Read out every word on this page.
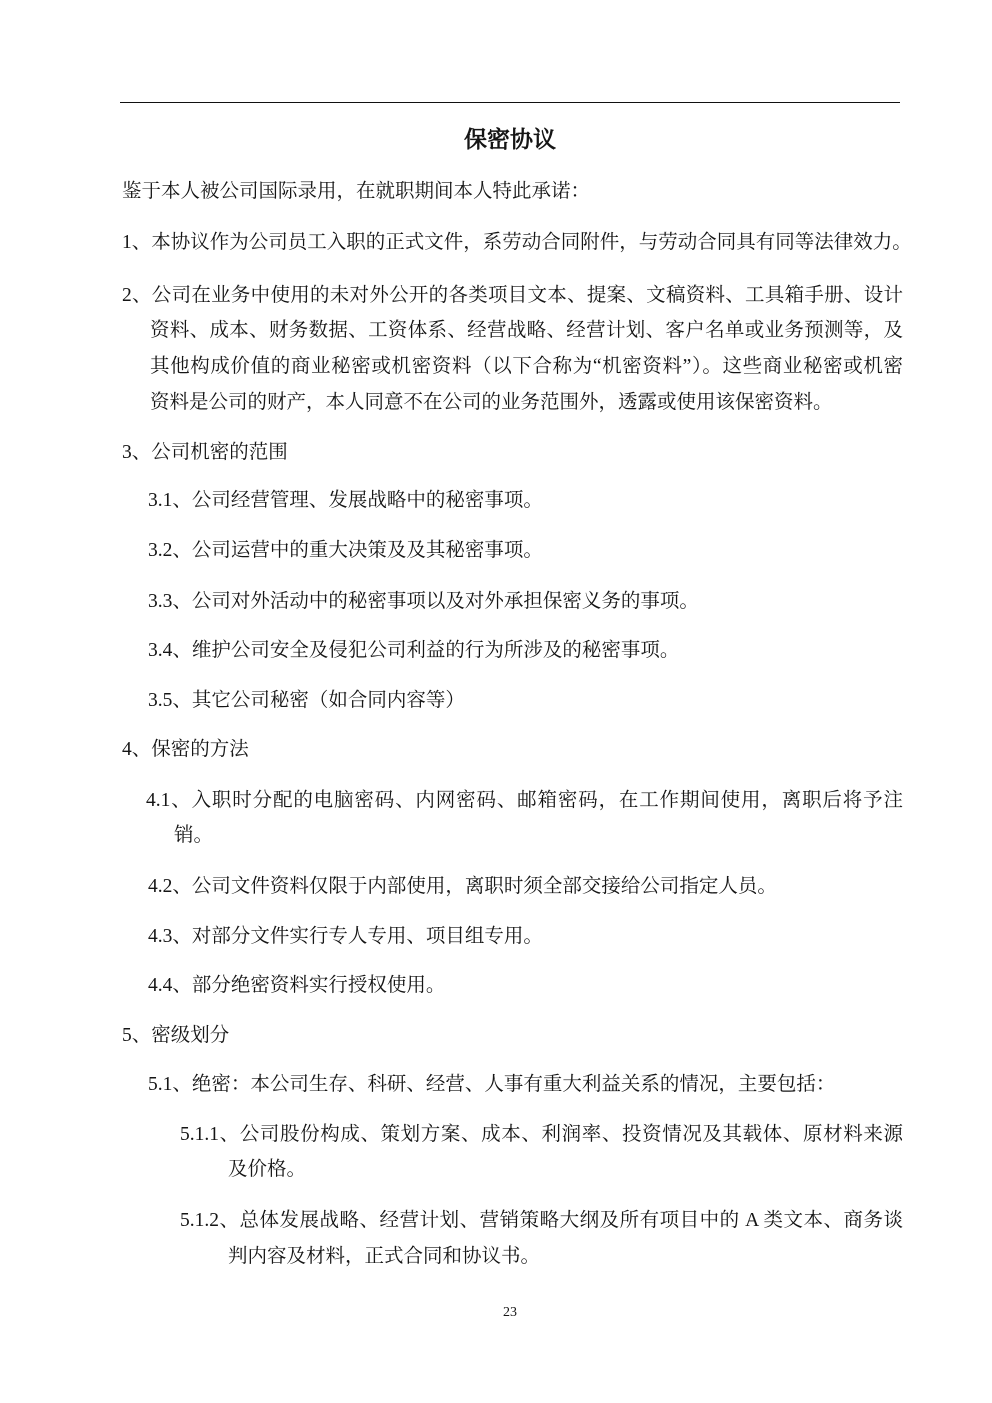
保密协议
鉴于本人被公司国际录用，在就职期间本人特此承诺：
1、本协议作为公司员工入职的正式文件，系劳动合同附件，与劳动合同具有同等法律效力。
2、公司在业务中使用的未对外公开的各类项目文本、提案、文稿资料、工具箱手册、设计
资料、成本、财务数据、工资体系、经营战略、经营计划、客户名单或业务预测等，及
其他构成价值的商业秘密或机密资料（以下合称为“机密资料”）。这些商业秘密或机密
资料是公司的财产，本人同意不在公司的业务范围外，透露或使用该保密资料。
3、公司机密的范围
3.1、公司经营管理、发展战略中的秘密事项。
3.2、公司运营中的重大决策及及其秘密事项。
3.3、公司对外活动中的秘密事项以及对外承担保密义务的事项。
3.4、维护公司安全及侵犯公司利益的行为所涉及的秘密事项。
3.5、其它公司秘密（如合同内容等）
4、保密的方法
4.1、入职时分配的电脑密码、内网密码、邮箱密码，在工作期间使用，离职后将予注
销。
4.2、公司文件资料仅限于内部使用，离职时须全部交接给公司指定人员。
4.3、对部分文件实行专人专用、项目组专用。
4.4、部分绝密资料实行授权使用。
5、密级划分
5.1、绝密：本公司生存、科研、经营、人事有重大利益关系的情况，主要包括：
5.1.1、公司股份构成、策划方案、成本、利润率、投资情况及其载体、原材料来源
及价格。
5.1.2、总体发展战略、经营计划、营销策略大纲及所有项目中的 A 类文本、商务谈
判内容及材料，正式合同和协议书。
23
